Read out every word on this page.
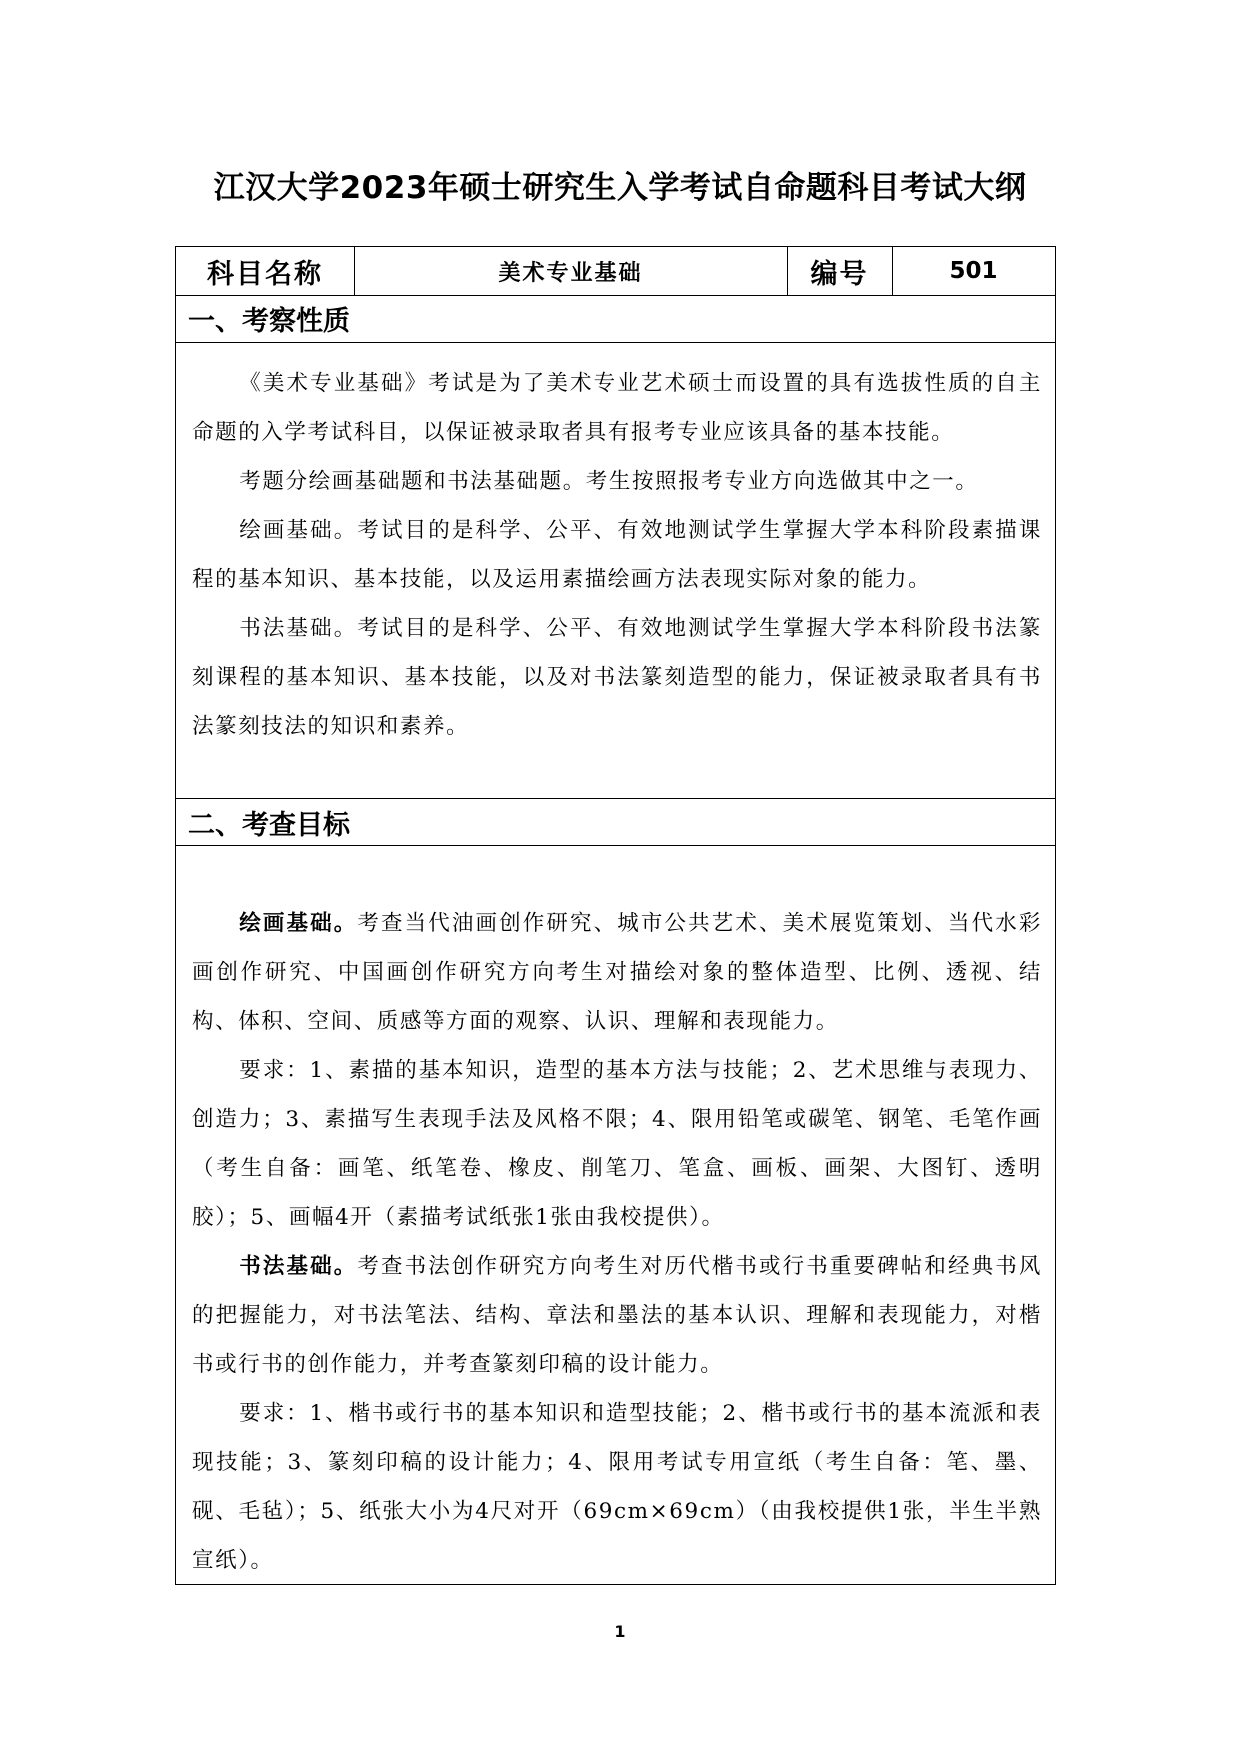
江汉大学2023年硕士研究生入学考试自命题科目考试大纲
科目名称	美术专业基础	编号	501
一、考察性质

《美术专业基础》考试是为了美术专业艺术硕士而设置的具有选拔性质的自主命题的入学考试科目，以保证被录取者具有报考专业应该具备的基本技能。

考题分绘画基础题和书法基础题。考生按照报考专业方向选做其中之一。

绘画基础。考试目的是科学、公平、有效地测试学生掌握大学本科阶段素描课程的基本知识、基本技能，以及运用素描绘画方法表现实际对象的能力。

书法基础。考试目的是科学、公平、有效地测试学生掌握大学本科阶段书法篆刻课程的基本知识、基本技能，以及对书法篆刻造型的能力，保证被录取者具有书法篆刻技法的知识和素养。

二、考查目标

绘画基础。考查当代油画创作研究、城市公共艺术、美术展览策划、当代水彩画创作研究、中国画创作研究方向考生对描绘对象的整体造型、比例、透视、结构、体积、空间、质感等方面的观察、认识、理解和表现能力。

要求：1、素描的基本知识，造型的基本方法与技能；2、艺术思维与表现力、创造力；3、素描写生表现手法及风格不限；4、限用铅笔或碳笔、钢笔、毛笔作画（考生自备：画笔、纸笔卷、橡皮、削笔刀、笔盒、画板、画架、大图钉、透明胶）；5、画幅4开（素描考试纸张1张由我校提供）。

书法基础。考查书法创作研究方向考生对历代楷书或行书重要碑帖和经典书风的把握能力，对书法笔法、结构、章法和墨法的基本认识、理解和表现能力，对楷书或行书的创作能力，并考查篆刻印稿的设计能力。

要求：1、楷书或行书的基本知识和造型技能；2、楷书或行书的基本流派和表现技能；3、篆刻印稿的设计能力；4、限用考试专用宣纸（考生自备：笔、墨、砚、毛毡）；5、纸张大小为4尺对开（69cm×69cm）（由我校提供1张，半生半熟宣纸）。

1
